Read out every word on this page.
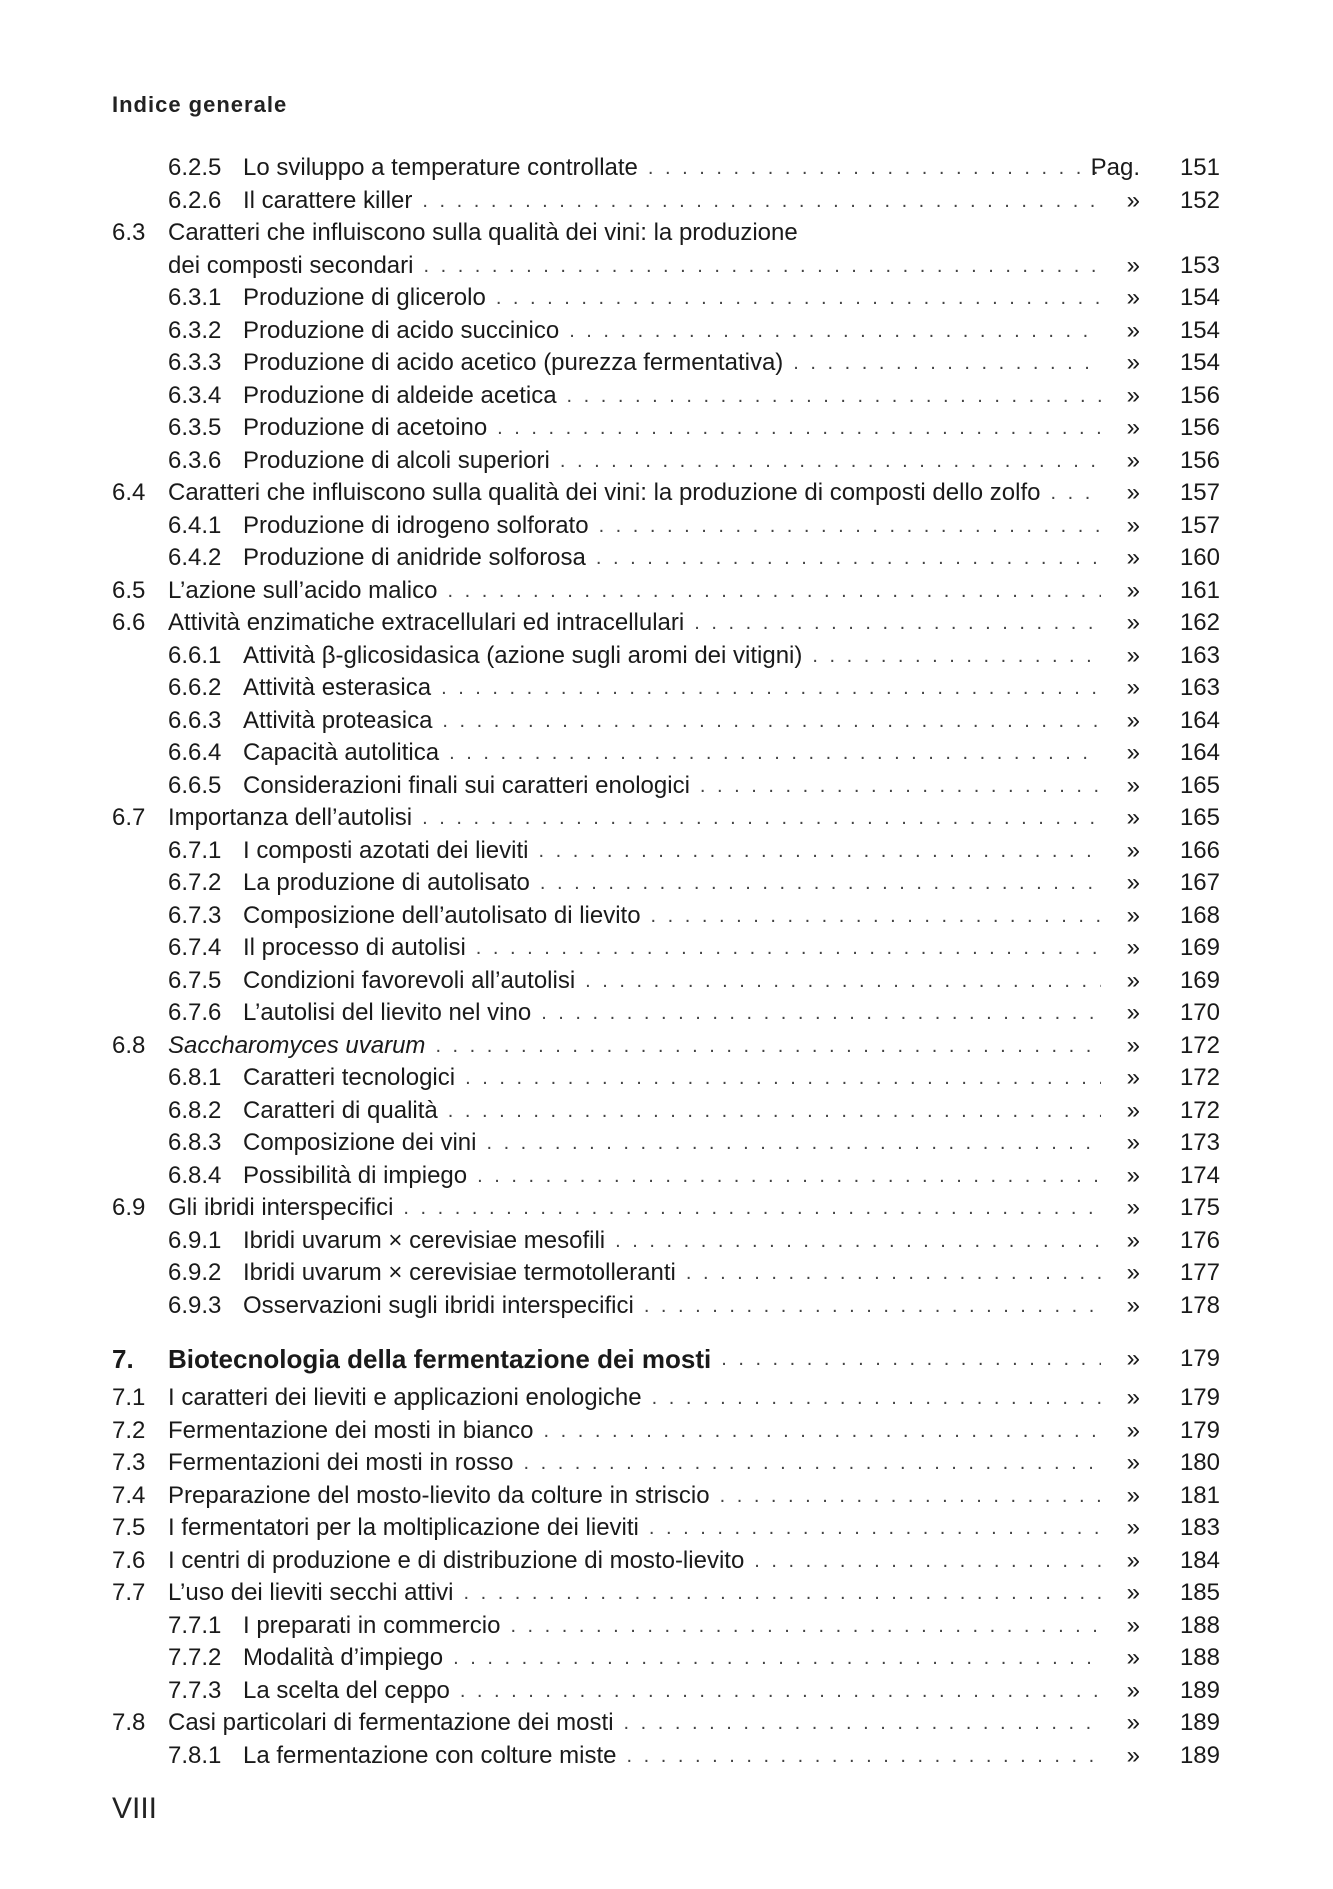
Indice generale
6.2.5 Lo sviluppo a temperature controllate . . .	Pag.	151
6.2.6 Il carattere killer . . .	»	152
6.3 Caratteri che influiscono sulla qualità dei vini: la produzione
dei composti secondari . . .	»	153
6.3.1 Produzione di glicerolo . . .	»	154
6.3.2 Produzione di acido succinico . . .	»	154
6.3.3 Produzione di acido acetico (purezza fermentativa) . . .	»	154
6.3.4 Produzione di aldeide acetica . . .	»	156
6.3.5 Produzione di acetoino . . .	»	156
6.3.6 Produzione di alcoli superiori . . .	»	156
6.4 Caratteri che influiscono sulla qualità dei vini: la produzione di composti dello zolfo . . .	»	157
6.4.1 Produzione di idrogeno solforato . . .	»	157
6.4.2 Produzione di anidride solforosa . . .	»	160
6.5 L’azione sull’acido malico . . .	»	161
6.6 Attività enzimatiche extracellulari ed intracellulari . . .	»	162
6.6.1 Attività β-glicosidasica (azione sugli aromi dei vitigni) . . .	»	163
6.6.2 Attività esterasica . . .	»	163
6.6.3 Attività proteasica . . .	»	164
6.6.4 Capacità autolitica . . .	»	164
6.6.5 Considerazioni finali sui caratteri enologici . . .	»	165
6.7 Importanza dell’autolisi . . .	»	165
6.7.1 I composti azotati dei lieviti . . .	»	166
6.7.2 La produzione di autolisato . . .	»	167
6.7.3 Composizione dell’autolisato di lievito . . .	»	168
6.7.4 Il processo di autolisi . . .	»	169
6.7.5 Condizioni favorevoli all’autolisi . . .	»	169
6.7.6 L’autolisi del lievito nel vino . . .	»	170
6.8 Saccharomyces uvarum . . .	»	172
6.8.1 Caratteri tecnologici . . .	»	172
6.8.2 Caratteri di qualità . . .	»	172
6.8.3 Composizione dei vini . . .	»	173
6.8.4 Possibilità di impiego . . .	»	174
6.9 Gli ibridi interspecifici . . .	»	175
6.9.1 Ibridi uvarum × cerevisiae mesofili . . .	»	176
6.9.2 Ibridi uvarum × cerevisiae termotolleranti . . .	»	177
6.9.3 Osservazioni sugli ibridi interspecifici . . .	»	178
7. Biotecnologia della fermentazione dei mosti . . .	»	179
7.1 I caratteri dei lieviti e applicazioni enologiche . . .	»	179
7.2 Fermentazione dei mosti in bianco . . .	»	179
7.3 Fermentazioni dei mosti in rosso . . .	»	180
7.4 Preparazione del mosto-lievito da colture in striscio . . .	»	181
7.5 I fermentatori per la moltiplicazione dei lieviti . . .	»	183
7.6 I centri di produzione e di distribuzione di mosto-lievito . . .	»	184
7.7 L’uso dei lieviti secchi attivi . . .	»	185
7.7.1 I preparati in commercio . . .	»	188
7.7.2 Modalità d’impiego . . .	»	188
7.7.3 La scelta del ceppo . . .	»	189
7.8 Casi particolari di fermentazione dei mosti . . .	»	189
7.8.1 La fermentazione con colture miste . . .	»	189
VIII
